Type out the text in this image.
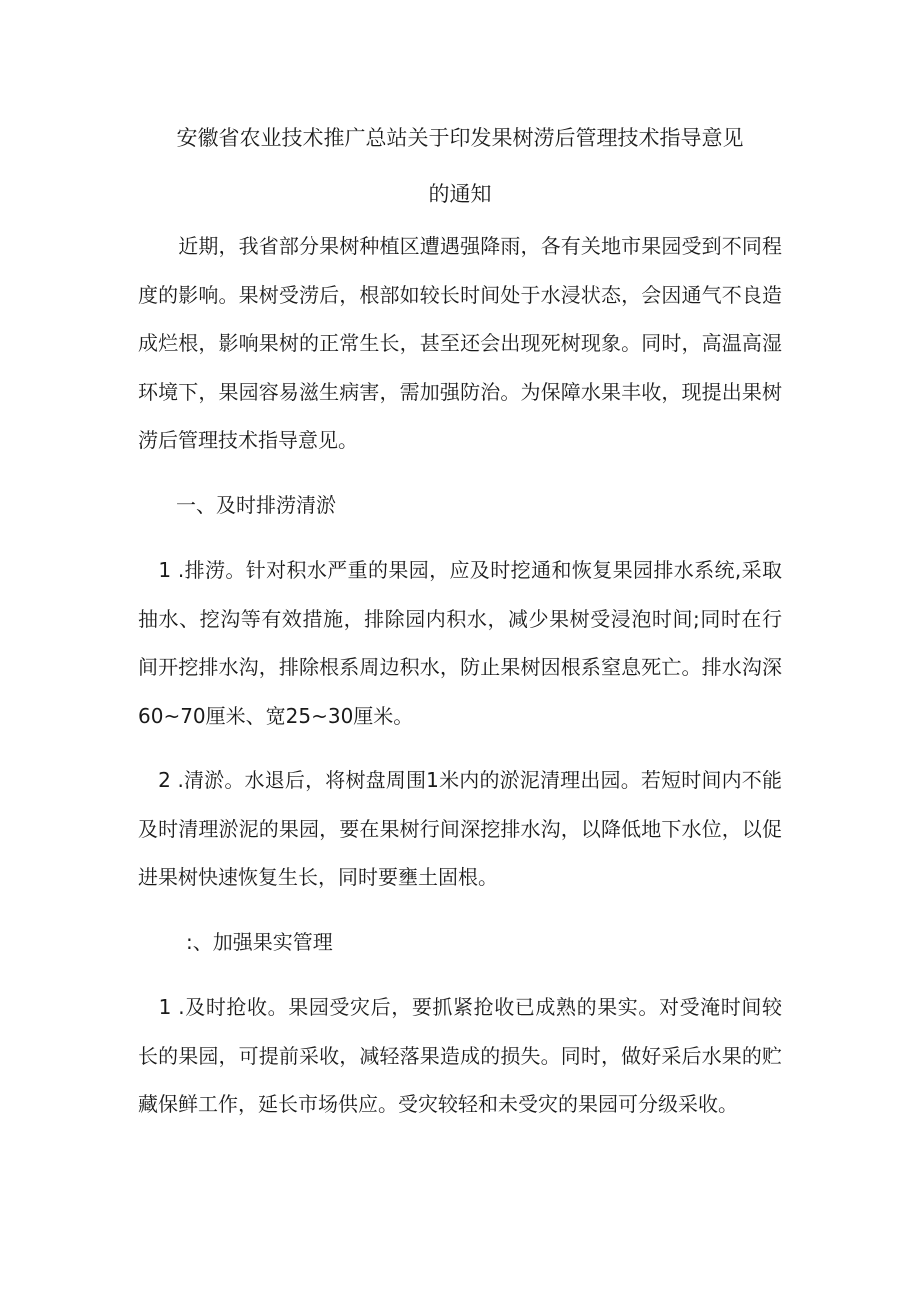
安徽省农业技术推广总站关于印发果树涝后管理技术指导意见
的通知

　　近期，我省部分果树种植区遭遇强降雨，各有关地市果园受到不同程度的影响。果树受涝后，根部如较长时间处于水浸状态，会因通气不良造成烂根，影响果树的正常生长，甚至还会出现死树现象。同时，高温高湿环境下，果园容易滋生病害，需加强防治。为保障水果丰收，现提出果树涝后管理技术指导意见。

一、及时排涝清淤

　1 .排涝。针对积水严重的果园，应及时挖通和恢复果园排水系统,采取抽水、挖沟等有效措施，排除园内积水，减少果树受浸泡时间;同时在行间开挖排水沟，排除根系周边积水，防止果树因根系窒息死亡。排水沟深60~70厘米、宽25~30厘米。

　2 .清淤。水退后，将树盘周围1米内的淤泥清理出园。若短时间内不能及时清理淤泥的果园，要在果树行间深挖排水沟，以降低地下水位，以促进果树快速恢复生长，同时要壅土固根。

:、加强果实管理

　1 .及时抢收。果园受灾后，要抓紧抢收已成熟的果实。对受淹时间较长的果园，可提前采收，减轻落果造成的损失。同时，做好采后水果的贮藏保鲜工作，延长市场供应。受灾较轻和未受灾的果园可分级采收。
